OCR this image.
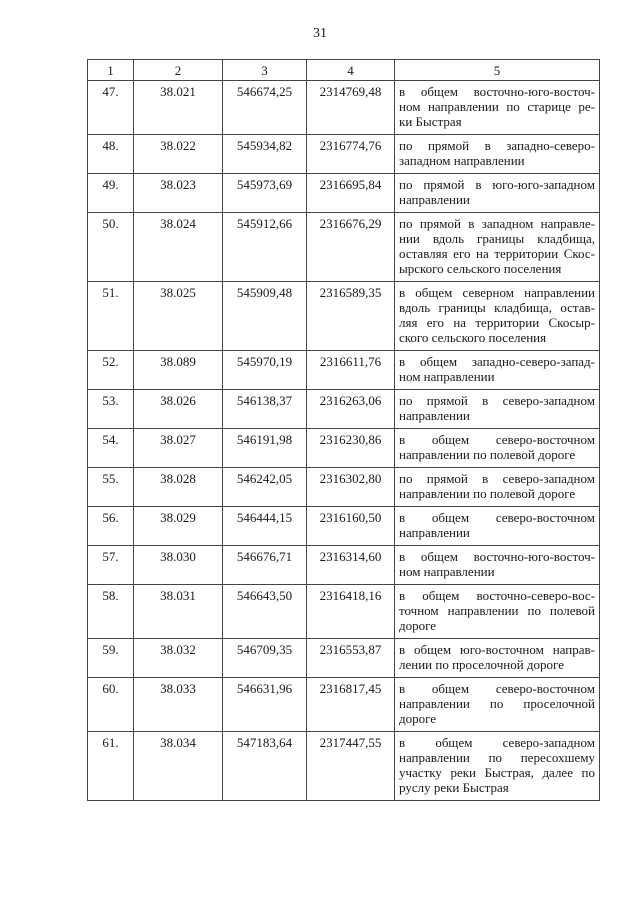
31
1	2	3	4	5
47.	38.021	546674,25	2314769,48	в общем восточно-юго-восточ-
ном направлении по старице ре-
ки Быстрая

48.	38.022	545934,82	2316774,76	по прямой в западно-северо-
западном направлении

49.	38.023	545973,69	2316695,84	по прямой в юго-юго-западном
направлении

50.	38.024	545912,66	2316676,29	по прямой в западном направле-
нии вдоль границы кладбища,
оставляя его на территории Скос-
ырского сельского поселения

51.	38.025	545909,48	2316589,35	в общем северном направлении
вдоль границы кладбища, остав-
ляя его на территории Скосыр-
ского сельского поселения

52.	38.089	545970,19	2316611,76	в общем западно-северо-запад-
ном направлении

53.	38.026	546138,37	2316263,06	по прямой в северо-западном
направлении

54.	38.027	546191,98	2316230,86	в общем северо-восточном
направлении по полевой дороге

55.	38.028	546242,05	2316302,80	по прямой в северо-западном
направлении по полевой дороге

56.	38.029	546444,15	2316160,50	в общем северо-восточном
направлении

57.	38.030	546676,71	2316314,60	в общем восточно-юго-восточ-
ном направлении

58.	38.031	546643,50	2316418,16	в общем восточно-северо-вос-
точном направлении по полевой
дороге

59.	38.032	546709,35	2316553,87	в общем юго-восточном направ-
лении по проселочной дороге

60.	38.033	546631,96	2316817,45	в общем северо-восточном
направлении по проселочной
дороге

61.	38.034	547183,64	2317447,55	в общем северо-западном
направлении по пересохшему
участку реки Быстрая, далее по
руслу реки Быстрая
